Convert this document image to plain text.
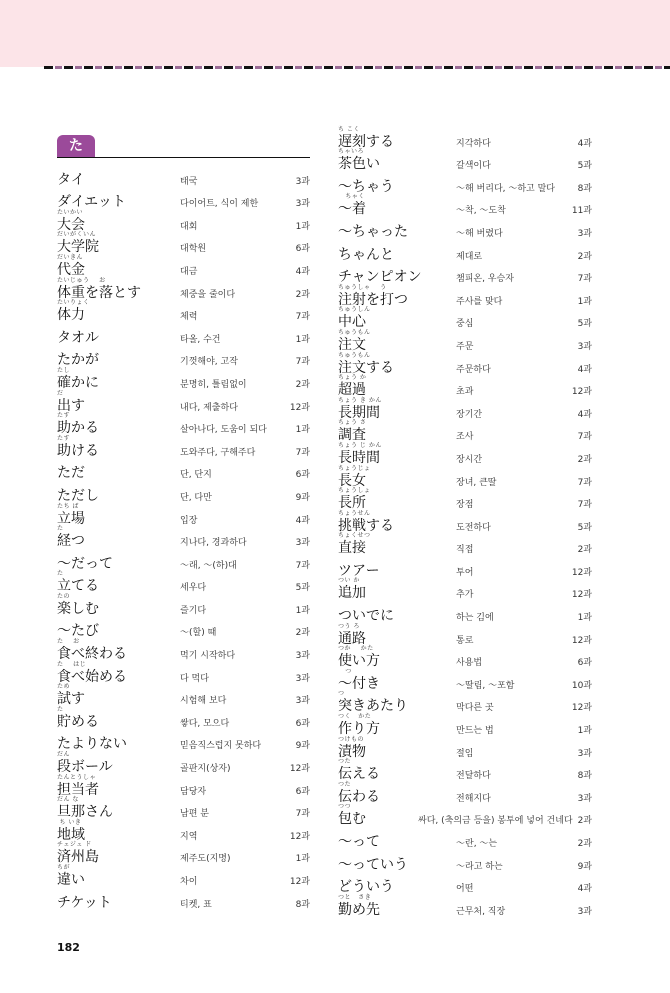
た
タイ	태국	3과
ダイエット	다이어트, 식이 제한	3과
たいかい
大会	대회	1과
だいがくいん
大学院	대학원	6과
だいきん
代金	대금	4과
たいじゅう    お
体重を落とす	체중을 줄이다	2과
たいりょく
体力	체력	7과
タオル	타올, 수건	1과
たかが	기껏해야, 고작	7과
たし
確かに	분명히, 틀림없이	2과
だ
出す	내다, 제출하다	12과
たす
助かる	살아나다, 도움이 되다	1과
たす
助ける	도와주다, 구해주다	7과
ただ	단, 단지	6과
ただし	단, 다만	9과
たち ば
立場	입장	4과
た
経つ	지나다, 경과하다	3과
～だって	～래, ～(하)대	7과
た
立てる	세우다	5과
たの
楽しむ	즐기다	1과
～たび	～(할) 때	2과
た    お
食べ終わる	먹기 시작하다	3과
た    はじ
食べ始める	다 먹다	3과
ため
試す	시험해 보다	3과
た
貯める	쌓다, 모으다	6과
たよりない	믿음직스럽지 못하다	9과
だん
段ボール	골판지(상자)	12과
たんとうしゃ
担当者	담당자	6과
だん な
旦那さん	남편 분	7과
ち いき
地域	지역	12과
チェジュ ド
済州島	제주도(지명)	1과
ちが
違い	차이	12과
チケット	티켓, 표	8과
ち こく
遅刻する	지각하다	4과
ちゃいろ
茶色い	갈색이다	5과
～ちゃう	～해 버리다, ～하고 말다	8과
ちゃく
～着	～착, ～도착	11과
～ちゃった	～해 버렸다	3과
ちゃんと	제대로	2과
チャンピオン	챔피온, 우승자	7과
ちゅうしゃ    う
注射を打つ	주사를 맞다	1과
ちゅうしん
中心	중심	5과
ちゅうもん
注文	주문	3과
ちゅうもん
注文する	주문하다	4과
ちょう か
超過	초과	12과
ちょう き かん
長期間	장기간	4과
ちょう さ
調査	조사	7과
ちょう じ かん
長時間	장시간	2과
ちょうじょ
長女	장녀, 큰딸	7과
ちょうしょ
長所	장점	7과
ちょうせん
挑戦する	도전하다	5과
ちょくせつ
直接	직접	2과
ツアー	투어	12과
つい か
追加	추가	12과
ついでに	하는 김에	1과
つう ろ
通路	통로	12과
つか    かた
使い方	사용법	6과
つ
～付き	～딸림, ～포함	10과
つ
突きあたり	막다른 곳	12과
つく   かた
作り方	만드는 법	1과
つけもの
漬物	절임	3과
つた
伝える	전달하다	8과
つた
伝わる	전해지다	3과
つつ
包む	싸다, (축의금 등을) 봉투에 넣어 건네다 2과
～って	～란, ～는	2과
～っていう	～라고 하는	9과
どういう	어떤	4과
つと   さき
勤め先	근무처, 직장	3과
182
